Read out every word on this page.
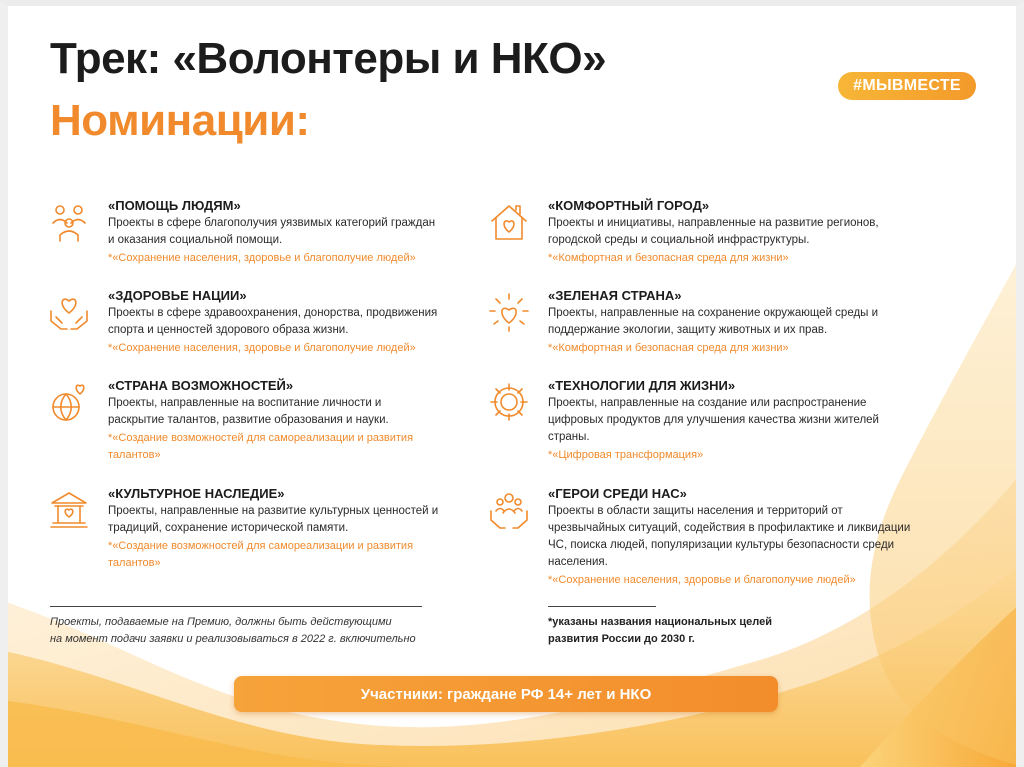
Трек: «Волонтеры и НКО»
Номинации:
#МЫВМЕСТЕ
«ПОМОЩЬ ЛЮДЯМ»
Проекты в сфере благополучия уязвимых категорий граждан
и оказания социальной помощи.
*«Сохранение населения, здоровье и благополучие людей»
«ЗДОРОВЬЕ НАЦИИ»
Проекты в сфере здравоохранения, донорства, продвижения
спорта и ценностей здорового образа жизни.
*«Сохранение населения, здоровье и благополучие людей»
«СТРАНА ВОЗМОЖНОСТЕЙ»
Проекты, направленные на воспитание личности и
раскрытие талантов, развитие образования и науки.
*«Создание возможностей для самореализации и развития
талантов»
«КУЛЬТУРНОЕ НАСЛЕДИЕ»
Проекты, направленные на развитие культурных ценностей и
традиций, сохранение исторической памяти.
*«Создание возможностей для самореализации и развития
талантов»
«КОМФОРТНЫЙ ГОРОД»
Проекты и инициативы, направленные на развитие регионов,
городской среды и социальной инфраструктуры.
*«Комфортная и безопасная среда для жизни»
«ЗЕЛЕНАЯ СТРАНА»
Проекты, направленные на сохранение окружающей среды и
поддержание экологии, защиту животных и их прав.
*«Комфортная и безопасная среда для жизни»
«ТЕХНОЛОГИИ ДЛЯ ЖИЗНИ»
Проекты, направленные на создание или распространение
цифровых продуктов для улучшения качества жизни жителей
страны.
*«Цифровая трансформация»
«ГЕРОИ СРЕДИ НАС»
Проекты в области защиты населения и территорий от
чрезвычайных ситуаций, содействия в профилактике и ликвидации
ЧС, поиска людей, популяризации культуры безопасности среди
населения.
*«Сохранение населения, здоровье и благополучие людей»
Проекты, подаваемые на Премию, должны быть действующими
на момент подачи заявки и реализовываться в 2022 г. включительно
*указаны названия национальных целей
развития России до 2030 г.
Участники: граждане РФ 14+ лет и НКО
